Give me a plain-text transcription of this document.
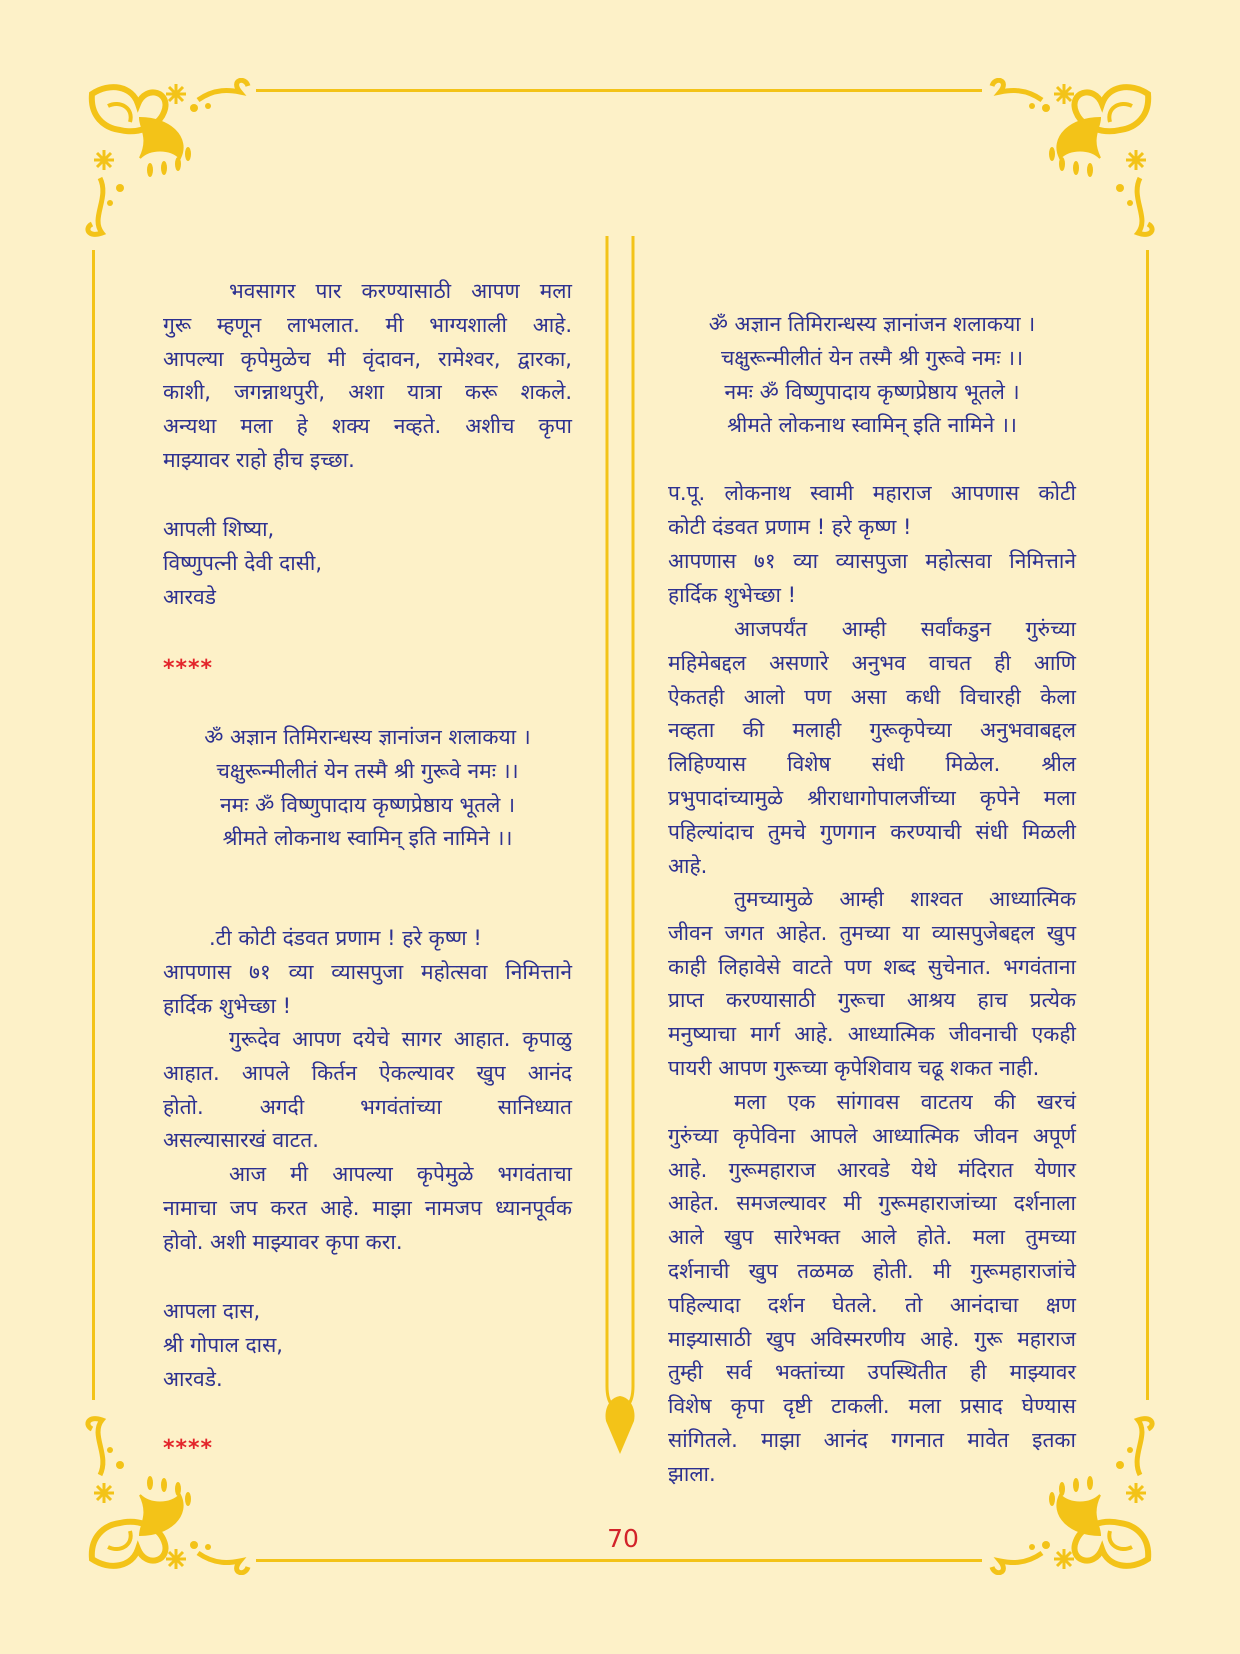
भवसागर पार करण्यासाठी आपण मला
गुरू म्हणून लाभलात. मी भाग्यशाली आहे.
आपल्या कृपेमुळेच मी वृंदावन, रामेश्वर, द्वारका,
काशी, जगन्नाथपुरी, अशा यात्रा करू शकले.
अन्यथा मला हे शक्य नव्हते. अशीच कृपा
माझ्यावर राहो हीच इच्छा.
आपली शिष्या,
विष्णुपत्नी देवी दासी,
आरवडे
****
ॐ अज्ञान तिमिरान्धस्य ज्ञानांजन शलाकया ।
चक्षुरून्मीलीतं येन तस्मै श्री गुरूवे नमः ।।
नमः ॐ विष्णुपादाय कृष्णप्रेष्ठाय भूतले ।
श्रीमते लोकनाथ स्वामिन् इति नामिने ।।
.टी कोटी दंडवत प्रणाम ! हरे कृष्ण !
आपणास ७१ व्या व्यासपुजा महोत्सवा निमित्ताने
हार्दिक शुभेच्छा !
गुरूदेव आपण दयेचे सागर आहात. कृपाळु
आहात. आपले किर्तन ऐकल्यावर खुप आनंद
होतो. अगदी भगवंतांच्या सानिध्यात
असल्यासारखं वाटत.
आज मी आपल्या कृपेमुळे भगवंताचा
नामाचा जप करत आहे. माझा नामजप ध्यानपूर्वक
होवो. अशी माझ्यावर कृपा करा.
आपला दास,
श्री गोपाल दास,
आरवडे.
****
ॐ अज्ञान तिमिरान्धस्य ज्ञानांजन शलाकया ।
चक्षुरून्मीलीतं येन तस्मै श्री गुरूवे नमः ।।
नमः ॐ विष्णुपादाय कृष्णप्रेष्ठाय भूतले ।
श्रीमते लोकनाथ स्वामिन् इति नामिने ।।
प.पू. लोकनाथ स्वामी महाराज आपणास कोटी
कोटी दंडवत प्रणाम ! हरे कृष्ण !
आपणास ७१ व्या व्यासपुजा महोत्सवा निमित्ताने
हार्दिक शुभेच्छा !
आजपर्यंत आम्ही सर्वांकडुन गुरुंच्या
महिमेबद्दल असणारे अनुभव वाचत ही आणि
ऐकतही आलो पण असा कधी विचारही केला
नव्हता की मलाही गुरूकृपेच्या अनुभवाबद्दल
लिहिण्यास विशेष संधी मिळेल. श्रील
प्रभुपादांच्यामुळे श्रीराधागोपालजींच्या कृपेने मला
पहिल्यांदाच तुमचे गुणगान करण्याची संधी मिळली
आहे.
तुमच्यामुळे आम्ही शाश्वत आध्यात्मिक
जीवन जगत आहेत. तुमच्या या व्यासपुजेबद्दल खुप
काही लिहावेसे वाटते पण शब्द सुचेनात. भगवंताना
प्राप्त करण्यासाठी गुरूचा आश्रय हाच प्रत्येक
मनुष्याचा मार्ग आहे. आध्यात्मिक जीवनाची एकही
पायरी आपण गुरूच्या कृपेशिवाय चढू शकत नाही.
मला एक सांगावस वाटतय की खरचं
गुरुंच्या कृपेविना आपले आध्यात्मिक जीवन अपूर्ण
आहे. गुरूमहाराज आरवडे येथे मंदिरात येणार
आहेत. समजल्यावर मी गुरूमहाराजांच्या दर्शनाला
आले खुप सारेभक्त आले होते. मला तुमच्या
दर्शनाची खुप तळमळ होती. मी गुरूमहाराजांचे
पहिल्यादा दर्शन घेतले. तो आनंदाचा क्षण
माझ्यासाठी खुप अविस्मरणीय आहे. गुरू महाराज
तुम्ही सर्व भक्तांच्या उपस्थितीत ही माझ्यावर
विशेष कृपा दृष्टी टाकली. मला प्रसाद घेण्यास
सांगितले. माझा आनंद गगनात मावेत इतका
झाला.
70
